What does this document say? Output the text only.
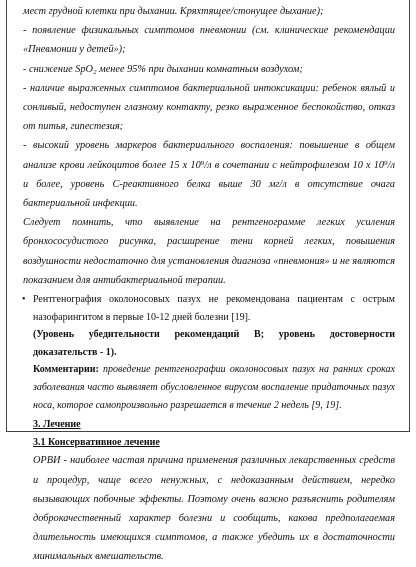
мест грудной клетки при дыхании. Кряхтящее/стонущее дыхание);

- появление физикальных симптомов пневмонии (см. клинические рекомендации «Пневмонии у детей»);

- снижение SpO₂ менее 95% при дыхании комнатным воздухом;

- наличие выраженных симптомов бактериальной интоксикации: ребенок вялый и сонливый, недоступен глазному контакту, резко выраженное беспокойство, отказ от питья, гипестезия;

- высокий уровень маркеров бактериального воспаления: повышение в общем анализе крови лейкоцитов более 15 х 10⁹/л в сочетании с нейтрофилезом 10 х 10⁹/л и более, уровень С-реактивного белка выше 30 мг/л в отсутствие очага бактериальной инфекции.

Следует помнить, что выявление на рентгенограмме легких усиления бронхососудистого рисунка, расширение тени корней легких, повышения воздушности недостаточно для установления диагноза «пневмония» и не являются показанием для антибактериальной терапии.

• Рентгенография околоносовых пазух не рекомендована пациентам с острым назофарингитом в первые 10-12 дней болезни [19].

(Уровень убедительности рекомендаций В; уровень достоверности доказательств - 1).

Комментарии: проведение рентгенографии околоносовых пазух на ранних сроках заболевания часто выявляет обусловленное вирусом воспаление придаточных пазух носа, которое самопроизвольно разрешается в течение 2 недель [9, 19].

3. Лечение

3.1 Консервативное лечение

ОРВИ - наиболее частая причина применения различных лекарственных средств и процедур, чаще всего ненужных, с недоказанным действием, нередко вызывающих побочные эффекты. Поэтому очень важно разъяснить родителям доброкачественный характер болезни и сообщить, какова предполагаемая длительность имеющихся симптомов, а также убедить их в достаточности минимальных вмешательств.
